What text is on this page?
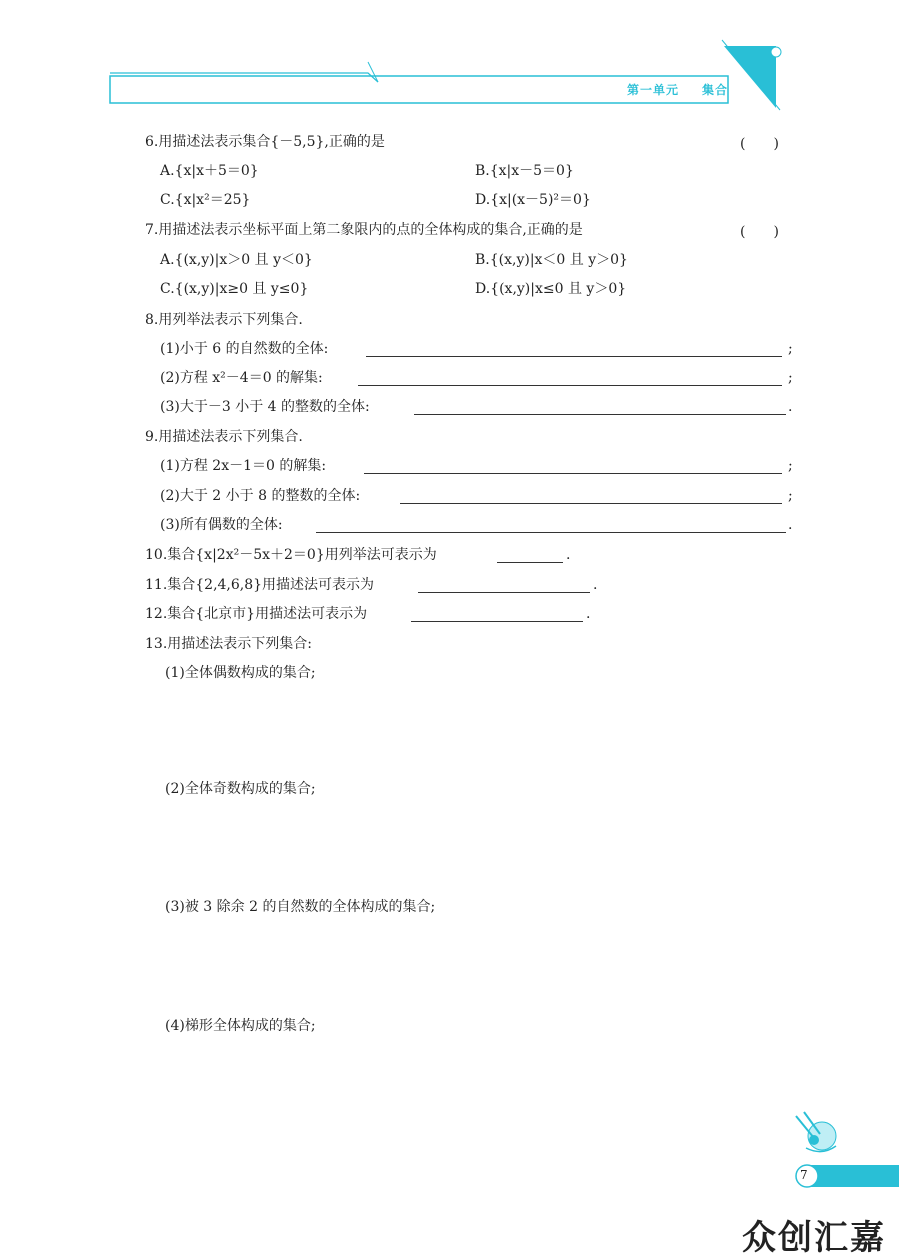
第一单元 集合
6.用描述法表示集合{－5,5},正确的是	(　　)
A.{x|x＋5＝0}	B.{x|x－5＝0}
C.{x|x²＝25}	D.{x|(x－5)²＝0}
7.用描述法表示坐标平面上第二象限内的点的全体构成的集合,正确的是	(　　)
A.{(x,y)|x＞0 且 y＜0}	B.{(x,y)|x＜0 且 y＞0}
C.{(x,y)|x≥0 且 y≤0}	D.{(x,y)|x≤0 且 y＞0}
8.用列举法表示下列集合.
(1)小于 6 的自然数的全体:	;
(2)方程 x²－4＝0 的解集:	;
(3)大于－3 小于 4 的整数的全体:	.
9.用描述法表示下列集合.
(1)方程 2x－1＝0 的解集:	;
(2)大于 2 小于 8 的整数的全体:	;
(3)所有偶数的全体:	.
10.集合{x|2x²－5x＋2＝0}用列举法可表示为	.
11.集合{2,4,6,8}用描述法可表示为	.
12.集合{北京市}用描述法可表示为	.
13.用描述法表示下列集合:
(1)全体偶数构成的集合;
(2)全体奇数构成的集合;
(3)被 3 除余 2 的自然数的全体构成的集合;
(4)梯形全体构成的集合;
7
众创汇嘉
